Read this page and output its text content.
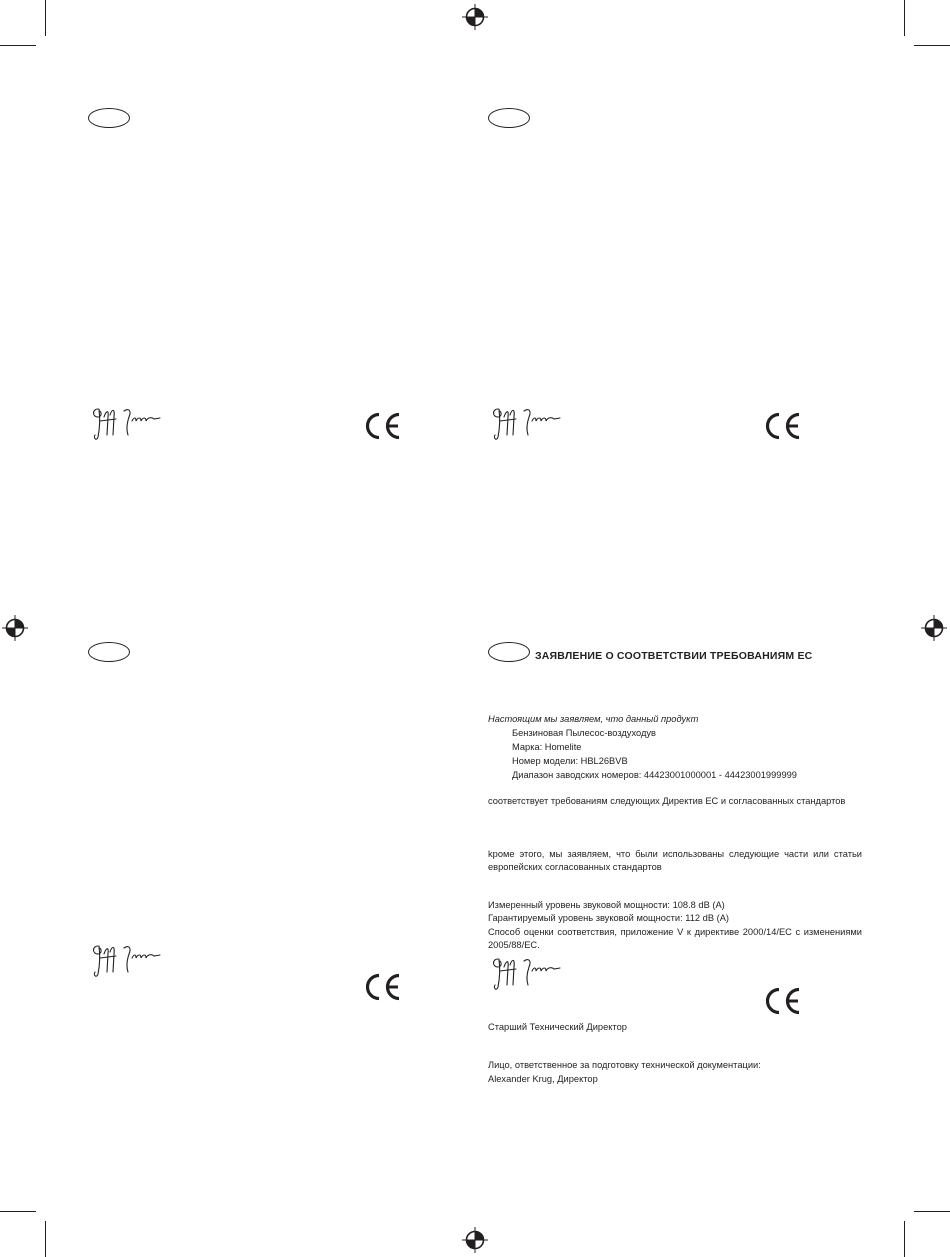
ЗАЯВЛЕНИЕ О СООТВЕТСТВИИ ТРЕБОВАНИЯМ ЕС
Настоящим мы заявляем, что данный продукт
Бензиновая Пылесос-воздуходув
Марка: Homelite
Номер модели: HBL26BVB
Диапазон заводских номеров: 44423001000001 - 44423001999999
соответствует требованиям следующих Директив ЕС и согласованных стандартов
kроме этого, мы заявляем, что были использованы следующие части или статьи европейских согласованных стандартов
Измеренный уровень звуковой мощности: 108.8 dB (A)
Гарантируемый уровень звуковой мощности: 112 dB (A)
Способ оценки соответствия, приложение V к директиве 2000/14/EC с изменениями 2005/88/EC.
Старший Технический Директор
Лицо, ответственное за подготовку технической документации:
Alexander Krug, Директор
